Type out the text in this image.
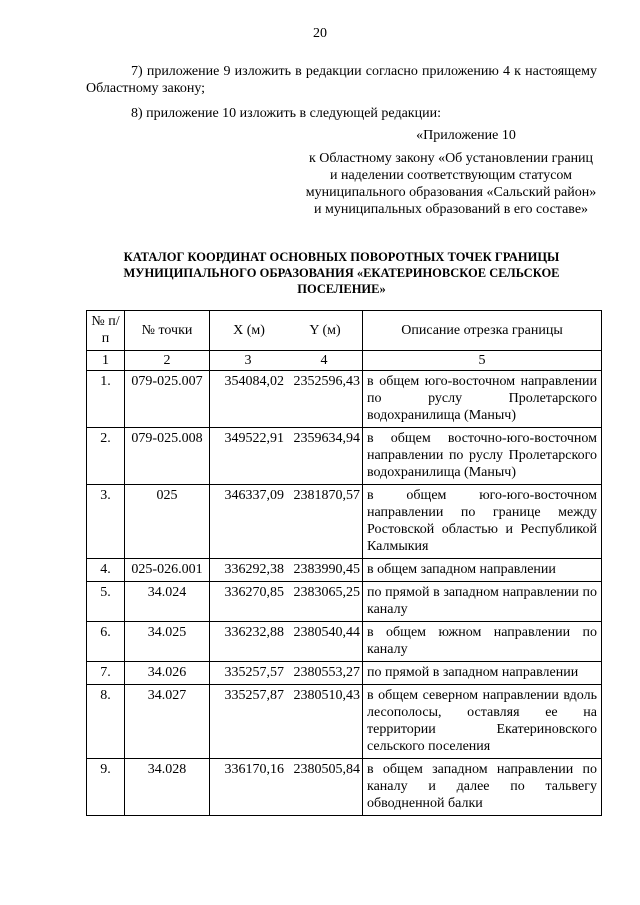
20
7) приложение 9 изложить в редакции согласно приложению 4 к настоящему Областному закону;
8) приложение 10 изложить в следующей редакции:
«Приложение 10
к Областному закону «Об установлении границ и наделении соответствующим статусом муниципального образования «Сальский район» и муниципальных образований в его составе»
КАТАЛОГ КООРДИНАТ ОСНОВНЫХ ПОВОРОТНЫХ ТОЧЕК ГРАНИЦЫ МУНИЦИПАЛЬНОГО ОБРАЗОВАНИЯ «ЕКАТЕРИНОВСКОЕ СЕЛЬСКОЕ ПОСЕЛЕНИЕ»
№ п/п	№ точки	X (м)	Y (м)	Описание отрезка границы
1	2	3	4	5
1.	079-025.007	354084,02	2352596,43	в общем юго-восточном направлении по руслу Пролетарского водохранилища (Маныч)
2.	079-025.008	349522,91	2359634,94	в общем восточно-юго-восточном направлении по руслу Пролетарского водохранилища (Маныч)
3.	025	346337,09	2381870,57	в общем юго-юго-восточном направлении по границе между Ростовской областью и Республикой Калмыкия
4.	025-026.001	336292,38	2383990,45	в общем западном направлении
5.	34.024	336270,85	2383065,25	по прямой в западном направлении по каналу
6.	34.025	336232,88	2380540,44	в общем южном направлении по каналу
7.	34.026	335257,57	2380553,27	по прямой в западном направлении
8.	34.027	335257,87	2380510,43	в общем северном направлении вдоль лесополосы, оставляя ее на территории Екатериновского сельского поселения
9.	34.028	336170,16	2380505,84	в общем западном направлении по каналу и далее по тальвегу обводненной балки
